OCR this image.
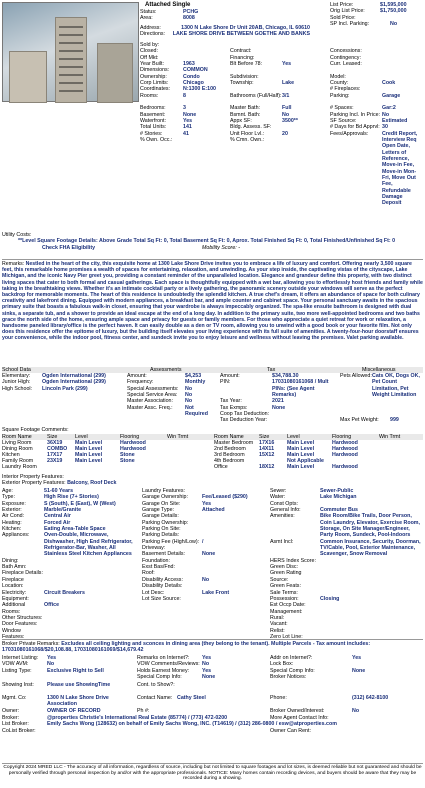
Attached Single
Status:	PCHG
Area:	8008
Address:	1300 N Lake Shore Dr Unit 20AB, Chicago, IL 60610
Directions:	LAKE SHORE DRIVE BETWEEN GOETHE AND BANKS
List Price:	$1,595,000
Orig List Price:	$1,750,000
Sold Price:
SP Incl. Parking:	No
Sold by:
Closed:
Off Mkt:
Year Built:	1963
Dimensions:	COMMON
Ownership:	Condo
Corp Limits:	Chicago
Coordinates:	N:1300 E:100
Rooms:	8
Bedrooms:	3
Basement:	None
Waterfront:	Yes
Total Units:	141
# Stories:	41
% Own. Occ.:
Contract:
Financing:
Blt Before 78:	Yes
Subdivision:
Township:	Lake
Bathrooms (Full/Half): 3/1
Master Bath:	Full
Bsmnt. Bath:	No
Appx SF:	3500**
Bldg. Assess. SF:
Unit Floor Lvl.:	20
% Cmn. Own.:
Concessions:
Contingency:
Curr. Leased:
Model:
County:	Cook
# Fireplaces:
Parking:	Garage
# Spaces:	Gar:2
Parking Incl. In Price: No
SF Source:	Estimated
# Days for Bd Apprvl: 30
Fees/Approvals:	Credit Report, Interview Req Open Date, Letters of Reference, Move-in Fee, Move-in Mon-Fri, Move Out Fee, Refundable Damage Deposit
Utility Costs:
**Level Square Footage Details: Above Grade Total Sq Ft: 0, Total Basement Sq Ft: 0, Aprox. Total Finished Sq Ft: 0, Total Finished/Unfinished Sq Ft: 0
Check FHA Eligibility	Mobility Score: -
Remarks: Nestled in the heart of the city, this exquisite home at 1300 Lake Shore Drive invites you to embrace a life of luxury and comfort. Offering nearly 3,500 square feet, this remarkable home promises a wealth of spaces for entertaining, relaxation, and unwinding. As your step inside, the captivating vistas of the cityscape, Lake Michigan, and the iconic Navy Pier greet you, providing a constant reminder of the unparalleled location. Elegance and grandeur define this property, with two distinct living spaces that cater to both formal and casual gatherings. Each space is thoughtfully equipped with a wet bar, allowing you to effortlessly host friends and family while taking in the breathtaking views. Whether it's an intimate cocktail party or a lively gathering, the panoramic scenery outside your windows will serve as the perfect backdrop for memorable moments. The heart of this residence is undoubtedly the splendid kitchen. A true chef's dream, it offers an abundance of space for both culinary creativity and lakefront dining. Equipped with modern appliances, a breakfast bar, and ample counter and cabinet space. Your personal sanctuary awaits in the spacious primary suite that boasts a fabulous walk-in closet, ensuring that your wardrobe is always impeccably organized. The spa-like ensuite bathroom is designed with dual sinks, a separate tub, and a shower to provide an ideal escape at the end of a long day. In addition to the primary suite, two more well-appointed bedrooms and two baths grace the north side of the home, ensuring ample space and privacy for guests or family members. For those who appreciate a quiet retreat for work or relaxation, a handsome paneled library/office is the perfect haven. It can easily double as a den or TV room, allowing you to unwind with a good book or your favorite film. Not only does this residence offer the epitome of luxury, but the building itself elevates your living experience with its full suite of amenities. A twenty-four-hour doorstaff ensures your convenience, while the indoor pool, fitness center, and sundeck invite you to enjoy leisure and wellness without leaving the premises. Valet parking available.
School Data	Assessments	Tax	Miscellaneous
Elementary:	Ogden International (299)
Junior High:	Ogden International (299)
High School:	Lincoln Park (299)
Amount:	$4,253
Frequency:	Monthly
Special Assessments:	No
Special Service Area:	No
Master Association:	No
Master Assc. Freq.:	Not Required
Amount:	$34,788.30
PIN:	17031080161068 / Mult PINs: (See Agent Remarks)
Tax Year:	2021
Tax Exmps:	None
Coop Tax Deduction:
Tax Deduction Year:
Pets Allowed: Cats OK, Dogs OK, Pet Count Limitation, Pet Weight Limitation
Max Pet Weight:	999
Square Footage Comments:
Room Name	Size	Level	Flooring	Win Trmt
Living Room	36X19 Main Level	Hardwood
Dining Room	COMBO Main Level	Hardwood
Kitchen	17X17 Main Level	Stone
Family Room	23X19 Main Level	Stone
Laundry Room
Room Name	Size	Level	Flooring	Win Trmt
Master Bedroom 17X16 Main Level	Hardwood
2nd Bedroom 14X11 Main Level	Hardwood
3rd Bedroom	15X12 Main Level	Hardwood
4th Bedroom	Not Applicable
Office	18X12 Main Level	Hardwood
Interior Property Features:
Exterior Property Features: Balcony, Roof Deck
Age:	51-60 Years
Type:	High Rise (7+ Stories)
Exposure:	S (South), E (East), W (West)
Exterior:	Marble/Granite
Air Cond:	Central Air
Heating:	Forced Air
Kitchen:	Eating Area-Table Space
Appliances:	Oven-Double, Microwave, Dishwasher, High End Refrigerator, Refrigerator-Bar, Washer, All Stainless Steel Kitchen Appliances
Dining:
Bath Amn:
Fireplace Details:
Fireplace Location:
Electricity:	Circuit Breakers
Equipment:
Additional Rooms:
Office
Other Structures:
Door Features:
Window Features:
Laundry Features:
Garage Ownership:	Fee/Leased ($290)
Garage On Site:	Yes
Garage Type:	Attached
Garage Details:
Parking Ownership:
Parking On Site:
Parking Details:
Parking Fee (High/Low): /
Driveway:
Basement Details:	None
Foundation:
Exst Bas/Fnd:
Roof:
Disability Access:	No
Disability Details:
Lot Desc:	Lake Front
Lot Size Source:
Sewer:	Sewer-Public
Water:	Lake Michigan
Const Opts:
General Info:	Commuter Bus
Amenities:	Bike Room/Bike Trails, Door Person, Coin Laundry, Elevator, Exercise Room, Storage, On Site Manager/Engineer, Party Room, Sundeck, Pool-Indoors
Asmt Incl:	Common Insurance, Security, Doorman, TV/Cable, Pool, Exterior Maintenance, Scavenger, Snow Removal
HERS Index Score:
Green Disc:
Green Rating Source:
Green Feats:
Sale Terms:
Possession:	Closing
Est Occp Date:
Management:
Rural:
Vacant:
Relist:
Zero Lot Line:
Broker Private Remarks: Excludes all ceiling lighting and sconces in dining area (they belong to the tenant). Multiple Parcels - Tax amount includes: 17031080161068/$20,108.88, 17031080161069/$14,679.42
Internet Listing:	Yes
VOW AVM:	No
Listing Type:	Exclusive Right to Sell
Remarks on Internet?:	Yes
VOW Comments/Reviews: No
Holds Earnest Money:	Yes
Special Comp Info:	None
Addr on Internet?:	Yes
Lock Box:
Special Comp Info:	None
Broker Notices:
Showing Inst: Please use ShowingTime	Cont. to Show?:
Mgmt. Co:	1300 N Lake Shore Drive Association
Contact Name: Cathy Steel	Phone:	(312) 642-8100
Owner:	OWNER OF RECORD	Ph #:	Broker Owned/Interest:	No
Broker:	@properties Christie's International Real Estate (85774) / (773) 472-0200	More Agent Contact Info:
List Broker:	Emily Sachs Wong (128632) on behalf of Emily Sachs Wong, INC. (T14619) / (312) 286-0800 / esw@atproperties.com
CoList Broker:	Owner Can Rent:
Copyright 2024 MRED LLC - The accuracy of all information, regardless of source, including but not limited to square footages and lot sizes, is deemed reliable but not guaranteed and should be personally verified through personal inspection by and/or with the appropriate professionals. NOTICE: Many homes contain recording devices, and buyers should be aware that they may be recorded during a showing.
